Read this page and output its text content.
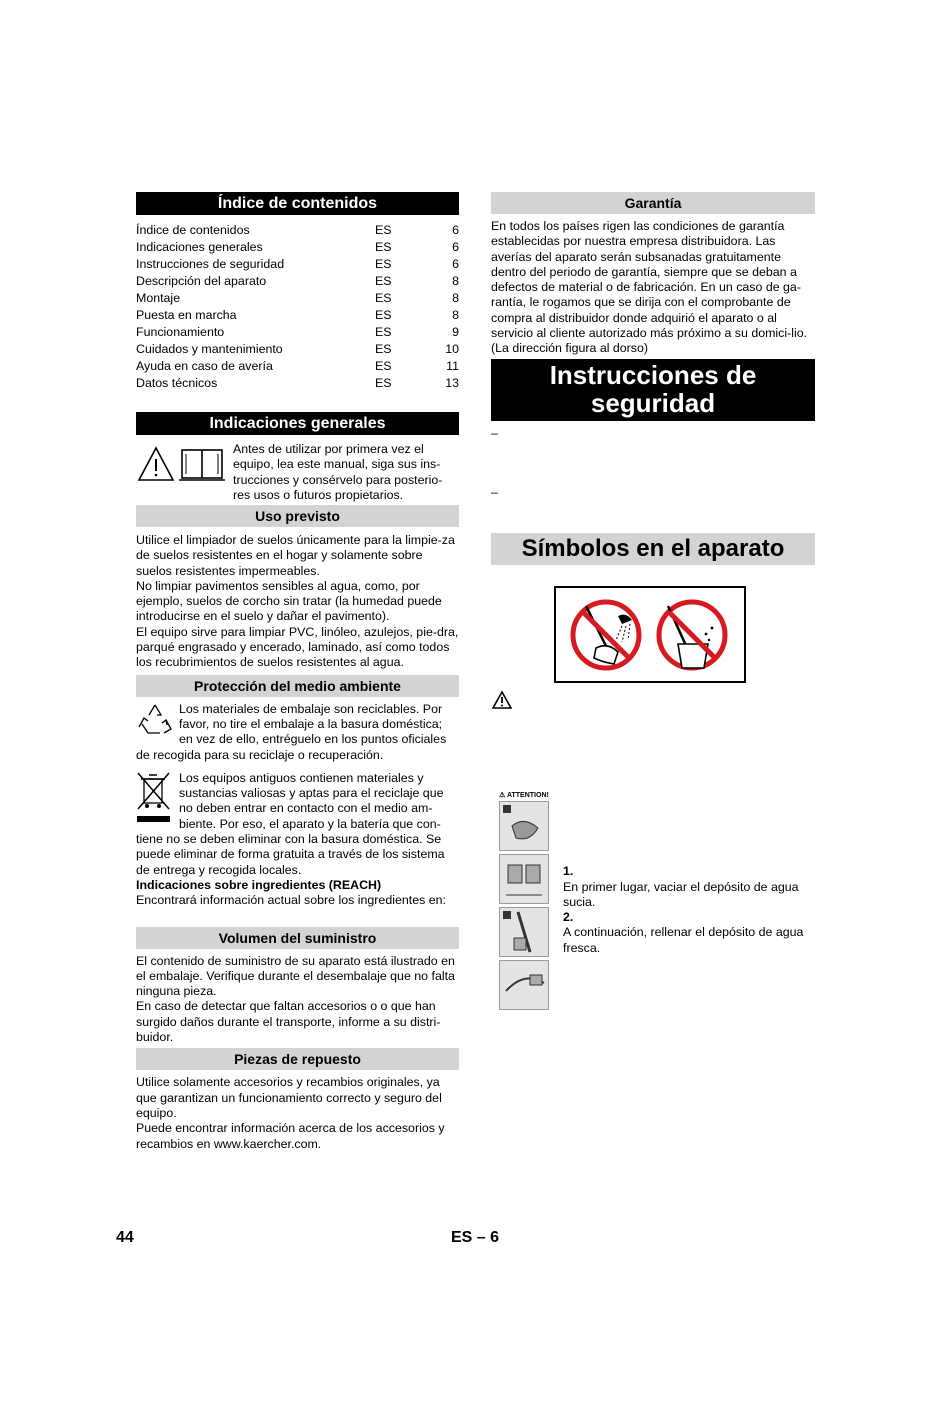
Índice de contenidos
Índice de contenidos	ES	6
Indicaciones generales	ES	6
Instrucciones de seguridad	ES	6
Descripción del aparato	ES	8
Montaje	ES	8
Puesta en marcha	ES	8
Funcionamiento	ES	9
Cuidados y mantenimiento	ES	10
Ayuda en caso de avería	ES	11
Datos técnicos	ES	13
Indicaciones generales
Antes de utilizar por primera vez el equipo, lea este manual, siga sus ins-trucciones y consérvelo para posterio-res usos o futuros propietarios.
Uso previsto
Utilice el limpiador de suelos únicamente para la limpie-za de suelos resistentes en el hogar y solamente sobre suelos resistentes impermeables.
No limpiar pavimentos sensibles al agua, como, por ejemplo, suelos de corcho sin tratar (la humedad puede introducirse en el suelo y dañar el pavimento).
El equipo sirve para limpiar PVC, linóleo, azulejos, pie-dra, parqué engrasado y encerado, laminado, así como todos los recubrimientos de suelos resistentes al agua.
Protección del medio ambiente
Los materiales de embalaje son reciclables. Por favor, no tire el embalaje a la basura doméstica; en vez de ello, entréguelo en los puntos oficiales
de recogida para su reciclaje o recuperación.
Los equipos antiguos contienen materiales y sustancias valiosas y aptas para el reciclaje que no deben entrar en contacto con el medio am-biente. Por eso, el aparato y la batería que con-
tiene no se deben eliminar con la basura doméstica. Se puede eliminar de forma gratuita a través de los sistema de entrega y recogida locales.
Indicaciones sobre ingredientes (REACH)
Encontrará información actual sobre los ingredientes en:
Volumen del suministro
El contenido de suministro de su aparato está ilustrado en el embalaje. Verifique durante el desembalaje que no falta ninguna pieza.
En caso de detectar que faltan accesorios o o que han surgido daños durante el transporte, informe a su distri-buidor.
Piezas de repuesto
Utilice solamente accesorios y recambios originales, ya que garantizan un funcionamiento correcto y seguro del equipo.
Puede encontrar información acerca de los accesorios y recambios en www.kaercher.com.
Garantía
En todos los países rigen las condiciones de garantía establecidas por nuestra empresa distribuidora. Las averías del aparato serán subsanadas gratuitamente dentro del periodo de garantía, siempre que se deban a defectos de material o de fabricación. En un caso de ga-rantía, le rogamos que se dirija con el comprobante de compra al distribuidor donde adquirió el aparato o al servicio al cliente autorizado más próximo a su domici-lio.
(La dirección figura al dorso)
Instrucciones de seguridad
–
–
Símbolos en el aparato
⚠ ATTENTION!
1.
En primer lugar, vaciar el depósito de agua sucia.
2.
A continuación, rellenar el depósito de agua fresca.
44	ES – 6
